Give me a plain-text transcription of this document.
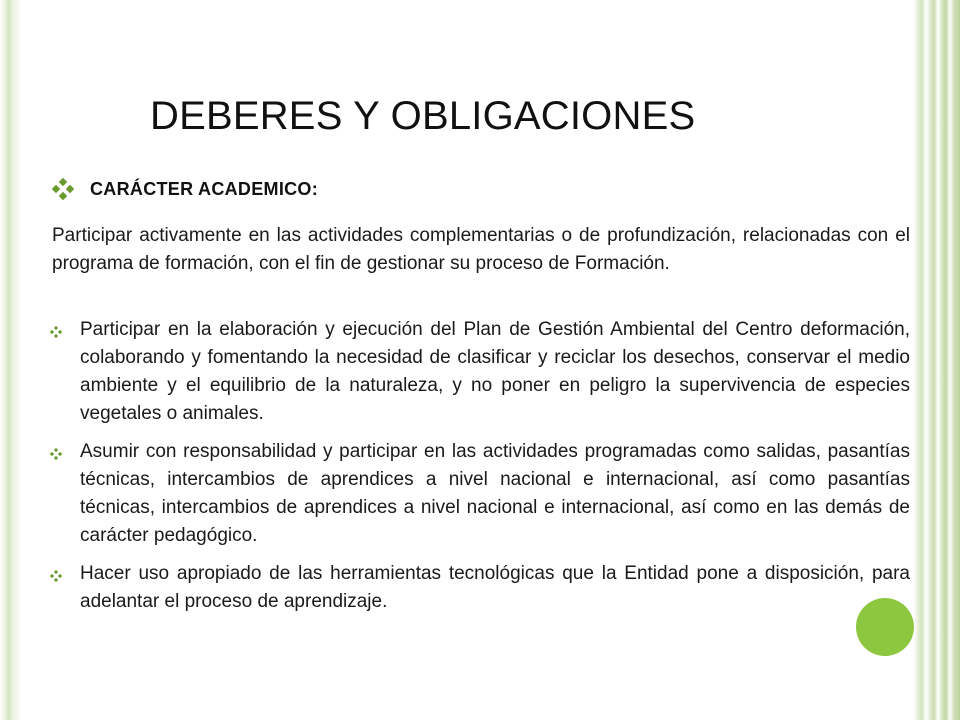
DEBERES Y OBLIGACIONES
CARÁCTER ACADEMICO:

Participar activamente en las actividades complementarias o de profundización, relacionadas con el programa de formación, con el fin de gestionar su proceso de Formación.

Participar en la elaboración y ejecución del Plan de Gestión Ambiental del Centro deformación, colaborando y fomentando la necesidad de clasificar y reciclar los desechos, conservar el medio ambiente y el equilibrio de la naturaleza, y no poner en peligro la supervivencia de especies vegetales o animales.
Asumir con responsabilidad y participar en las actividades programadas como salidas, pasantías técnicas, intercambios de aprendices a nivel nacional e internacional, así como pasantías técnicas, intercambios de aprendices a nivel nacional e internacional, así como en las demás de carácter pedagógico.
Hacer uso apropiado de las herramientas tecnológicas que la Entidad pone a disposición, para adelantar el proceso de aprendizaje.
